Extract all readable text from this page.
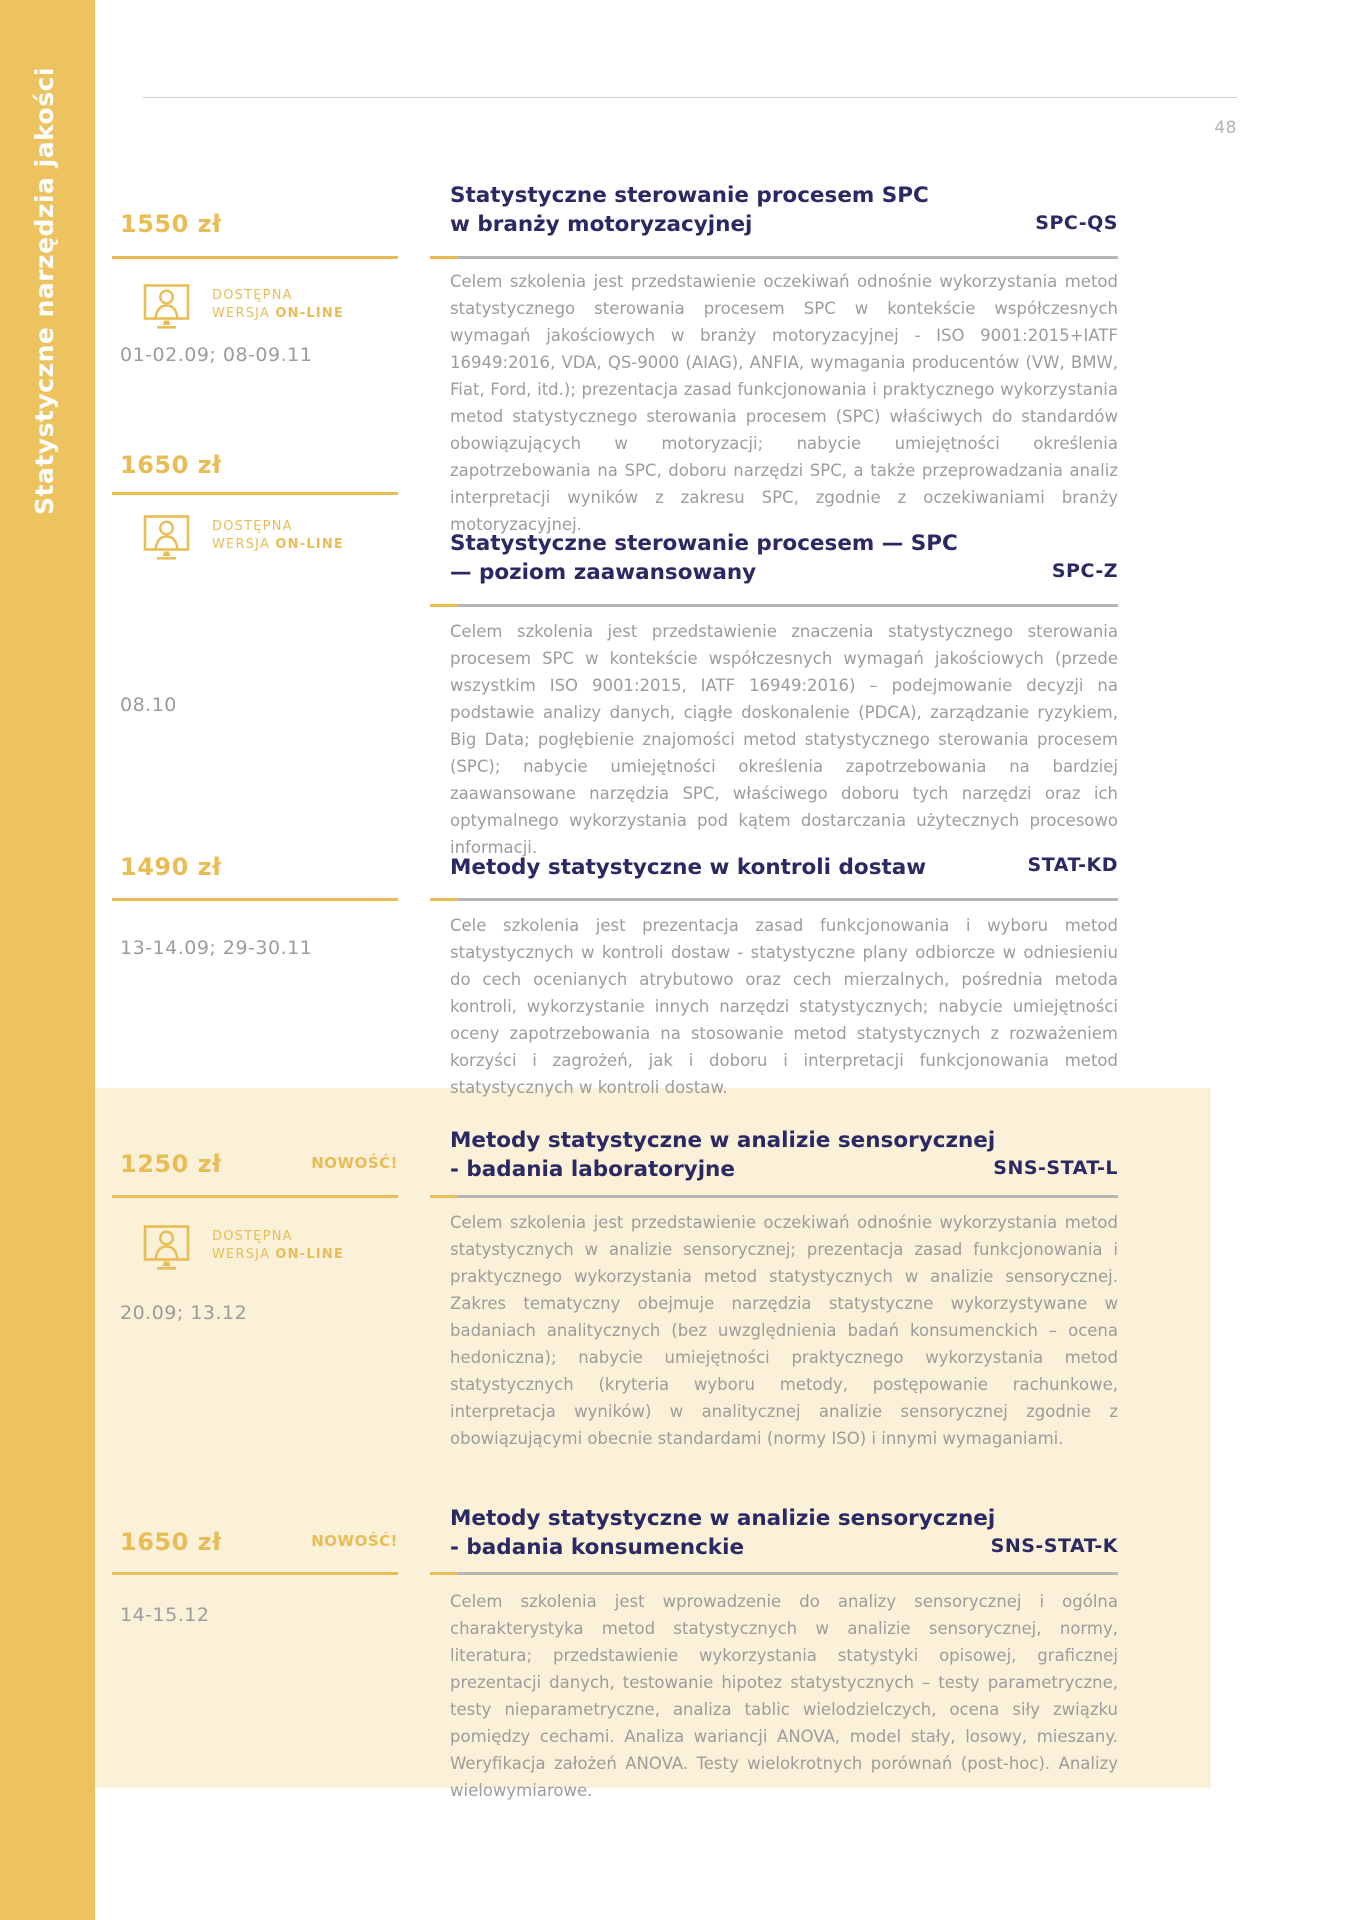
Statystyczne narzędzia jakości	48
1550 zł
DOSTĘPNA
WERSJA ON-LINE
01-02.09; 08-09.11
Statystyczne sterowanie procesem SPC
w branży motoryzacyjnej	SPC-QS
Celem szkolenia jest przedstawienie oczekiwań odnośnie wykorzystania metod statystycznego sterowania procesem SPC w kontekście współczesnych wymagań jakościowych w branży motoryzacyjnej - ISO 9001:2015+IATF 16949:2016, VDA, QS-9000 (AIAG), ANFIA, wymagania producentów (VW, BMW, Fiat, Ford, itd.); prezentacja zasad funkcjonowania i praktycznego wykorzystania metod statystycznego sterowania procesem (SPC) właściwych do standardów obowiązujących w motoryzacji; nabycie umiejętności określenia zapotrzebowania na SPC, doboru narzędzi SPC, a także przeprowadzania analiz interpretacji wyników z zakresu SPC, zgodnie z oczekiwaniami branży motoryzacyjnej.
1650 zł
DOSTĘPNA
WERSJA ON-LINE
08.10
Statystyczne sterowanie procesem — SPC
— poziom zaawansowany	SPC-Z
Celem szkolenia jest przedstawienie znaczenia statystycznego sterowania procesem SPC w kontekście współczesnych wymagań jakościowych (przede wszystkim ISO 9001:2015, IATF 16949:2016) – podejmowanie decyzji na podstawie analizy danych, ciągłe doskonalenie (PDCA), zarządzanie ryzykiem, Big Data; pogłębienie znajomości metod statystycznego sterowania procesem (SPC); nabycie umiejętności określenia zapotrzebowania na bardziej zaawansowane narzędzia SPC, właściwego doboru tych narzędzi oraz ich optymalnego wykorzystania pod kątem dostarczania użytecznych procesowo informacji.
1490 zł
13-14.09; 29-30.11
Metody statystyczne w kontroli dostaw	STAT-KD
Cele szkolenia jest prezentacja zasad funkcjonowania i wyboru metod statystycznych w kontroli dostaw - statystyczne plany odbiorcze w odniesieniu do cech ocenianych atrybutowo oraz cech mierzalnych, pośrednia metoda kontroli, wykorzystanie innych narzędzi statystycznych; nabycie umiejętności oceny zapotrzebowania na stosowanie metod statystycznych z rozważeniem korzyści i zagrożeń, jak i doboru i interpretacji funkcjonowania metod statystycznych w kontroli dostaw.
1250 zł	NOWOŚĆ!
DOSTĘPNA
WERSJA ON-LINE
20.09; 13.12
Metody statystyczne w analizie sensorycznej
- badania laboratoryjne	SNS-STAT-L
Celem szkolenia jest przedstawienie oczekiwań odnośnie wykorzystania metod statystycznych w analizie sensorycznej; prezentacja zasad funkcjonowania i praktycznego wykorzystania metod statystycznych w analizie sensorycznej. Zakres tematyczny obejmuje narzędzia statystyczne wykorzystywane w badaniach analitycznych (bez uwzględnienia badań konsumenckich – ocena hedoniczna); nabycie umiejętności praktycznego wykorzystania metod statystycznych (kryteria wyboru metody, postępowanie rachunkowe, interpretacja wyników) w analitycznej analizie sensorycznej zgodnie z obowiązującymi obecnie standardami (normy ISO) i innymi wymaganiami.
1650 zł	NOWOŚĆ!
14-15.12
Metody statystyczne w analizie sensorycznej
- badania konsumenckie	SNS-STAT-K
Celem szkolenia jest wprowadzenie do analizy sensorycznej i ogólna charakterystyka metod statystycznych w analizie sensorycznej, normy, literatura; przedstawienie wykorzystania statystyki opisowej, graficznej prezentacji danych, testowanie hipotez statystycznych – testy parametryczne, testy nieparametryczne, analiza tablic wielodzielczych, ocena siły związku pomiędzy cechami. Analiza wariancji ANOVA, model stały, losowy, mieszany. Weryfikacja założeń ANOVA. Testy wielokrotnych porównań (post-hoc). Analizy wielowymiarowe.
